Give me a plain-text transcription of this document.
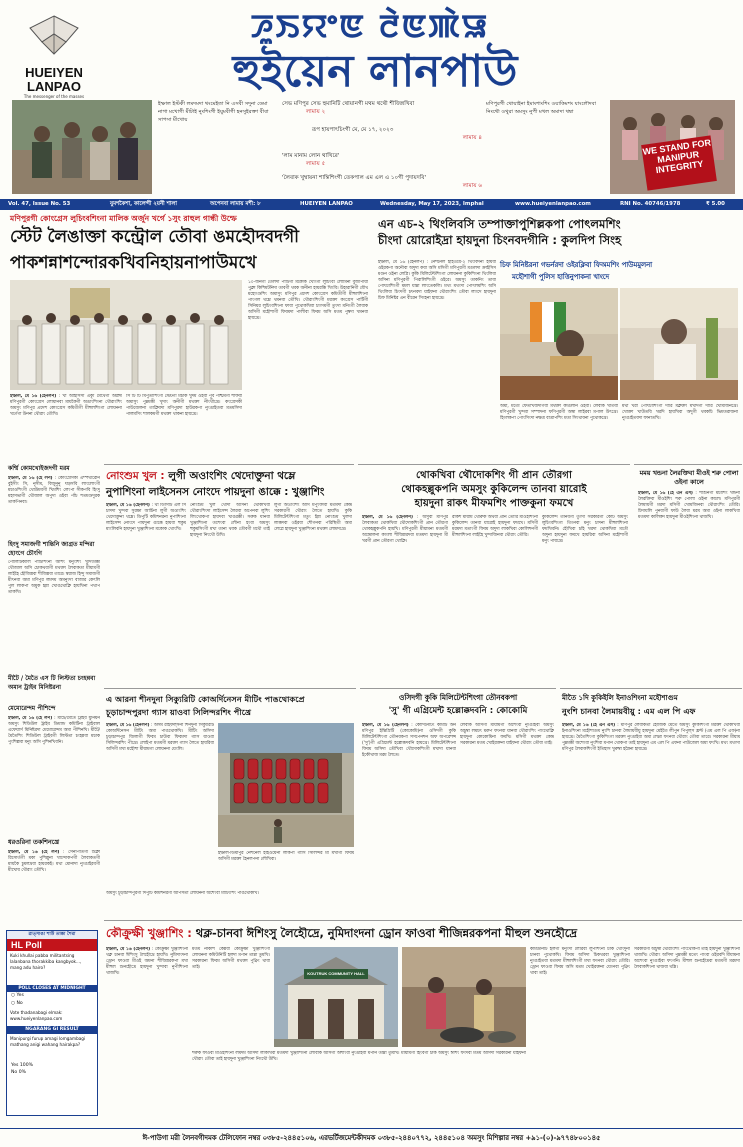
HUEIYEN
LANPAO
The messenger of the masses
ꯍꯨꯏꯌꯦꯟ ꯂꯥꯟꯄꯥꯎ
হুইয়েন লানপাউ
ইম্ফাল ইস্টকী লমদমদা থংমেইতা নি এসবী সদুনা ডেমা নাগা মখোগী মীটাই নুংশিংগী ইয়ুমবীগী হনসুইরক্তা বীবা সাপসা মীখোয়
সেভ মণিপুর সেভ হুমানিটি থোয়ানগী মথম থথৌ শীজিন্নখিবা
লামায় ২
রূপ হায়পাৎচিংগী মে, মে ১৭, ২০২৩
লামায় ৪
'লাম মানাম লোন থাখিরে'
লামায় ৫
'লৈবাক খুম্বায়না শান্তিশিংগী তেকপাল এম এল এ ১০গী পুদায়দবি'
লামায় ৬
মণিপুরগী থোয়াইনা ইমাংশাংশিং ওয়াকিমশং যাংলৌদবা নিংথৌ ওথুরা অমসুং নুপী মখল অমাদা থম্বা
WE STAND FOR MANIPUR INTEGRITY
Vol. 47, Issue No. 53	যুমশকৈশা, কালেন্দী ২য়নী শালা	অপেনবা লামায় মশী: ৮	HUEIYEN LANPAO	Wednesday, May 17, 2023, Imphal	www.hueiyenlanpao.com	RNI No. 40746/1978	₹ 5.00
মণিপুরগী কোংগ্রেস লুচিংবশিংনা মালিক অর্জুন খর্গে ১সুং রাহুল গান্ধী উম্ফে
স্টেট লৈঙাক্তা কন্ট্রোল তৌবা ঙমহৌদবদগী
পাকশন্নাশন্দোরকখিবনিহায়নাপাউমখে
১০-জনগী তেলদা পার্টিগী মকোক খোংগী লুচিংবী লোমিনা বুজীপীয়া পুক্লা কিশিমটনিদা তাবগী থবক অনীনা হায়রক্কি খিংবি। উহারানিগী যৌথ মহোংগুশিং অমাসুং মণিপুর প্রদেশ কোংগ্রেস কমিতীগী মীহুলশিংনা পাংগল থম্লে থমনবা তৌখি। থৌরাংশিংগী মরক্তা কংগ্রেস পার্টিগী সিনিয়র লুচিংবশিংনা ফাবা পুথোকখিবা চাংদমগী তুংদা মনিংগী লৈবাক অসিগী মহৌশাগী ফিবমদা পালীবা ফিবম অসি মতম পুম্বদা খমনবা হায়খ্রে।
ইম্ফাল, মে ১৬ (হৈনলপ) : খা আইসিসী এক্যূ মৈথৈগী অরঙ্গী মণিপুরগী কোংগ্রেস লোয়ানবা মায়কৈগী অঙাংশিংনা থৌরাংশিং অমসুং মণিপুর প্রদেশ কোংগ্রেস কমিতীগী মীহুলশিংগা লোয়ননা খর্গেগা উননা থৌরাং তৌখি।
সি টি টি মিপুতীশিংগী স্টেটগী মচাক খুদম ওইবা পূর্ব পশ্চিমগী শাফবা অমাসুং পুম্নমক্কী খূদাং অনীগী মথক্তা নীংথীখ্রে। কংগ্রেসকী পাউজেলনা তাক্লিবদা মণিপুরদা হাউরকপা নুংঙাইতবা মতমসিদা পালমসিং শালকমগী মথক্তা থাকনা হায়খ্রে।
এন এচ-২ থিংলিবসি তম্পাক্তাপুশিল্লকপা পোৎলমশিং
চীংদা য়োরোইদ্রা হায়দুনা চিংনবদগীনি : কুলদিপ সিংহ
ইম্ফাল, মে ১৬ (হৈনলপ) : নেশনেল হাইওয়ে-২ থিংবিদনা হায়বা ওইরকপা অনৌবা অদুদা কবা অসি মসিগী মণিপুরগী মগুলদা ক্রাইসিস মগুন ওইনা লেপ্লি। কুকি মিলিটেন্টশিংগা লোয়ননা কুকিশিংনা থিংলিবা অসিনা মণিপুরগী পিরালিশিংগী ওইরে। অমসুং তাকনিং তাবা পোৎচাশিংগী মমল য়াম্না লাংতেকলি। মথং মথংদা পোৎলমশিং অসি থিংলিবা চিংদগী চৎনবদা য়াইফনা থৌরাংশিং তৌবা লাংদে হায়দুনা চিফ মিনিষ্টর এন বীরেন সিংহনা হায়খ্রে।
চিফ মিনিষ্টরনা গভর্নরদা ওইরক্লিবা ফিঅমশিং পাউমমুলনা
মহৌশাগী পুলিস হাত্তিনুপাকনা খাংদে
অমা, মতৌ ফেতখিজদগিবা মথক্তা কাঙলান ওইবা। লৈবাক খাতবা মণিপুরগী খুন্দবা সম্পাদনা ফণিপুরগী অম্বা লাইরবা মপাল উৎখ্রে। হিংলকপা পোংসিংদা নক্ষত্র বাত্রাপশিং মতা সিংথাবনা পুথোকখ্রে।
মথা খরা পোৎচাশিংগী দারি মক্লক্তা মখাদগী দারি খোমজিনখ্রে। খোক্তা খাউতবি খরদি হায়খিবা অদুগী থবকচি ভিমতরাজনা নুংঙাইতবদা ফানাতখি।
কর্ম্মি কোমখোইজদগী মরম
ইম্ফাল, মে ১৬ (হৈ লপ) : কোংগ্রেসকী এম্পথীরোন বুইসীং সি, নূসীম, বিজুনুনু ঘড়সবি লাংলোংগী মচাওশিংগী থোউমবগী খিমশিং লেংপা সীকপবি হিংদু মহাসভাগী থৌজাল অপুদা ওইবা পাঁচ শতমগুদুরক তাকপিনবা।
হিংদু সমাজগী শান্তিনি জাগ্রত মন্দিরা হোংগে চৌংগি
পোলিটিক্যাল পার্টিশিংনা অশিং মনুংশিং খুদিংমক্কী থৌজাল অসি চোকথবাগী মথক্তা লৈবাকতা মীয়ামগী লাইহৈ হৌজিন্নবা শীজিন্নবা তারে। স্বরাজ হিন্দু সমাজগী মীৎনবা অমা মণিপুর লমদম অমনুংদা বাজার কেৎলি পুল লাকপা অমুক হন্না খোঙথোক্লি হায়খিনা পথাপ তাকখি।
মীটৈ / মৈতৈ এস টি লিস্টতা চংহন্নবা অমান ট্রাইব মিনিষ্টরনা
মেমোরেন্দম পীশিন্দে
ইম্ফাল, মে ১৬ (হৈ লপ) : মীটৈ/মৈতৈ ট্রাইব য়ুনিয়ন অমসুং শিডিউল ট্রাইব ডিমান্ড কমিটিনা ট্রাইবাল এফেয়ার্স মিনিষ্টরদা মেমোরেন্দম অমা পীশিনখি। মীটৈ/মৈতৈশিং শিডিউল ট্রাইবগী লিস্টতা চংহন্নবা মচাক পুংশিল্লবা মনুং অসি পুশিনখিবনি।
ধরওরিনা তকশিনখ্রে
ইম্ফাল, মে ১৬ (হৈ লপ) : সেনাপতিগী শুক্লা রিসোর্তগী মকা পুশিল্লুনা খান্দোকপগী লৈবাকতগী মায়কৈ চুমলদ্রবা হায়রকই। মথা মোনাদা নুংঙাইরবগী মীখোয় থৌরাং তৌখি।
ৱাত্সাঙা শাউ তাক্কা শৈরা
HL Poll
Kuki khullai pabba militantsing lalanbana thorakkiba kangbyok..., mang adu hairo?
POLL CLOSES AT MIDNIGHT
○ Yes
○ No
Vote thadanabagi elmak: www.hueiyenlanpao.com
NGARANG GI RESULT
Manipurgi furup amagi lomgambagi mathang anigi wahang hairakpa?
Yes 100%
No 0%
নোংশুম খুল : লুগী অওাংশিং থেদোক্তুনা থম্লে
নুপাশিংনা লাইসেনস নোংদে পায়দুনা ঙাক্কে : খুঞ্জাশিং
ইম্ফাল, মে ১৬ (হৈনলপ) : থা ডিসিটি এল সি চাদদা খুন্দবা সুরক্ষা আর্চিনা লুগী অওাংশিং থেদোক্তুনা থম্লে। ডিপুটি কমিশনরনা নুপাশিংনা লাইসেন্স নোংদে পায়দুনা ঙাক্কে হায়বা হুকুম মাংলিবনি হায়দুনা খুঞ্জাশিংনা মকোক থোংখি।
নোংশুম খুল থৌদা অসিনা থোকখিবা থৌরাংশিংদা লাইসেন্স লৈরবা অপেনবা লুশিং লিংথোকপা হায়দবা খাঙরক্কী। সরুক যানবা খুঞ্জাশিংনা তশেংবা লৌনা হংবা অমসুং হুকুমসিংগী মখা তানা থবক তৌবগী মথৌ তাই হায়দুনা নিংথৌ উখি।
লুগী অওাংশিং অসি মপুংফাবা মতমদা কেন্দ্র সরকারগী থৌরাং লৈতে হায়খি। কুকি মিলিটেন্টশিংগা মতুং ইন্না নোংশুম খুলদা লাক্কদবা ওইরবা শৌগনবা পরিস্থিতী অমা লেপ্লে হায়দুনা খুঞ্জাশিংনা মথক্তা লোমদখ্রে।
থোকখিবা থৌদোকশিং গী প্রান তৌরগা
থোকহল্লুকপনি অমসুং কুকিলেন্দ তানবা য়ারোই
হায়দুনা রাকৎ মীফমশিং পাক্তকুনা ফমখে
ইম্ফাল, মে ১৬ (হৈনলপ) : অসুর্বা মণিপুর লৈবাকতা থোকখিবা থৌদোকশিংগী প্রান তৌরগা থোকহল্লুকপনি হায়খি। মণিপুরগী মীয়ামনা মতমগী অন্দ্রোলনা কাংলা শীজিন্নরদবা মতমদা হায়দুনা মী খরগী প্রান তৌরগা থোক্লি।
রাকশ মীয়াম থৌরুক অথবা প্রান তৌরি মীওইশিংনা কুকিলেন্দ তানবা য়ারোই হায়দুনা ফমখে। মসিগী মরমদা মতাংগী ফিবম অদুদা লাকখিবা কোলিশনগী মীহুলশিংনা লাইহৈ খুন্দাজিনবা থৌরাং তৌরি।
কুকিলেন্দ তানবগী তুংদা সরকারগী কোর্ট অমসুং লুচিংবশিংগা তিংনবা মনুং চাদনা মীহুলশিংনা ফমখিবনি। হৌখিবা চহি খরদা থোকখিবা মতৌ অদুনা হায়দুনা ফমখে হায়রিবা অসিনা মহৌশাগী মনুং পায়খ্রে।
মময় খন্ডনা লৈরক্তিবা মীওই শরু পোলা ওইনা কালে
ইম্ফাল, মে ১৬ (হৈ এন এস) : শাশুনগী মচাশিং খন্ডনা লৈরক্তিবা মীওইশিং শরু পোলা ওইনা কালে। মণিপুরগী লৈমায়গী মরদা মসিগী খোমজিনবা থৌরাংশিং তৌরি। চিদায়লি পুনবাগী ফাউ লৈবা মরম অমা ওইনা লাকখিবা মতমদা কালিকদ হায়দুনা মীওইশিংনা থাজখি।
এ আরনা শীনদুনা সিক্যুরিটি কোঅর্দিনেসন মীটিং পাঙথোকপ্রে
চূড়াচান্দপুরদা গ্যাস য়াওবা সিলিন্দরশিং পীখ্রে
ইম্ফাল, মে ১৬ (হৈনলপ) : অসম রাইফল্সনা শিনদুনা সিক্যুরিটি কোঅর্দিনেসন মীটিং অমা পাঙথোকখি। মীটিং অসিদা চূড়াচান্দপুর জিলাগী ফিবম চাউবা ফিবমদা গ্যাস য়াওবা সিলিন্দরশিং পীখ্রে। লোইপা মতমগী মরক্তা গ্যাস লৈতে হায়রিবা অসিগী মখা মহৌশা মীয়ামগা লোয়ননা য়েংলি।
ইম্ফাল-ডিমাপুর নেশনেল হাইওয়েনা লাকপা গ্যাস সিলিন্দর মী মখাগী ফিবম অসিগী মরক্তা হৈনলপনা লৌখিবা।
অমসুং চূড়াচান্দপুরগী দিপুটি কমিশনরগী অপিসতা লোয়ননা অশেংবা মীটিংশিং পাঙথোকখি।
ওসিদগী কুকি মিলিটেন্টশিংগা তৌনবকপা
'সু' গী এগ্রিমেন্ট হল্লোক্কদবনি : কোকোমি
ইম্ফাল, মে ১৬ (হৈনলপ) : কোর্দিনেটিং কমিটি অন মণিপুর ইন্তিগ্রিটি (কোকোমি)না ওসিদগী কুকি মিলিটেন্টশিংগা তৌনবকপা সসপেনশন অফ অপরেশন্স ('সু')গী এগ্রিমেন্ট হল্লোক্কদবনি হায়খ্রে। মিলিটেন্টশিংনা ফিবম অসিদা তৌখিবা থৌদোকশিংগী মখাদা য়ানবা ইকৌথাজ মরম লৈতে।
লৈবাক অসিগী মীয়ামগী অশেংবা নুংঙাইবা অমসুং অচুম্বা লমচৎ মরুপ ফংনবা য়ানবা থৌরাংশিং পাংথোক্লি হায়দুনা কোকোমিনা ফমখি। মসিগী মথক্তা কেন্দ্র সরকারনা মতম খোইরক্তনা য়াইফনা থৌরাং তৌবা তাই।
মীতৈ ১দি কুকিইলি ইনাওশিংনা মহৌশাগুম
নুংশি চানবা লৈমায়বীয়ু : এম এল পি এফ
ইম্ফাল, মে ১৬ (হৈ এন এস) : মণিপুর লৈবাকতা হৌজিক মৈতৈ অমসুং কুকিশিংগী মরক্তা থোকখিবা ইনাওশিংনা মহৌশাগুম নুংশি চানবা লৈমায়বীয়ু হায়দুনা মেইতৈ লীপুন পিপুল্স ফ্রন্ট (এম এল পি এফ)না হায়খ্রে। মৈতৈশিংগা কুকিশিংগা মরক্তা নুংঙাইবা অমা লেপ্পা ফংনবা থৌরাং তৌবা তারে। সরকারনা মীয়াম পুম্নমক্কী অশেংবা নুংশিবা মপান থোকপা তাই হায়দুনা এম এল পি এফনা পাউজেল অমা ফংখি। মথং মথংদা মণিপুর লৈবাকশিংগী ইতিহাস খুরুম্বা হন্নৈনা হায়খ্রে।
কৌক্রুক্ষী খুঞ্জাশিং : থক্ল-চানবা ঈশিংসু লৈহৌদ্রে, নুমিদাংদনা ড্রোন ফাওবা শীজিন্নরকপনা মীহুল শুনহৌদ্রে
ইম্ফাল, মে ১৬ (হৈনলপ) : কৌক্রুক্ষী খুঞ্জাশিংনা থক্ল চানবা ঈশিংসু লৈহৌদ্রে হায়খি। নুমিদাংদনা ড্রোন ফাওবা মীওই অমনা শীজিন্নরকপা মখা মীহুল শুনহৌদ্রে হায়দুনা খুন্দাবা নুপীশিংনা থাজখি।
মতম নাকশি কেন্নবা কোক্রুক্ষী খুঞ্জাশিংগা লোয়ননা কমিউনিটি হলদা মপান তাম্না তুমখি। সরকারনা ফিবম অসিগী মথক্তা পুক্নিং থাবা তাই।
KOUTRUK COMMUNITY HALL
কমিউনিটি হলগী মনুংদা লৈরিবা লুপশিংনা চাক থোংদুনা চানবা পুথোকখি। ফিবম অসিদা চিকথরবা খুঞ্জাশিংনা নুংঙাইতবা মতমদা মীহুলশিংগী মখা ফংনবা থৌরাং তৌরি। ড্রোন ফাওবা ফিবম অসি মতম খোইরক্তনা য়েংনবা পুক্নিং থাবা তাই।
সরকারগী অচুম্বা থৌরাংশিং পাংথোকপা তাই হায়দুনা খুঞ্জাশিংনা থাজখি। থৌরাং অসিদা পুম্নমক্কী মতেং পাংবা ওইরবদি মীয়ামনা অশেংবা নুংঙাইবা ফংগনি। মীহুল শুনহৌদ্রবা মতমগী মরমদা লৈবাকশিংনা থাজবা থম্লি।
শরুক ফাওবা মীওইশিংনা লমদম অসিদা লাকখিবা মতমদা খুঞ্জাশিংনা লৌবাক অসিগী অশাংবা নুংঙাইবা মপান তাম্না তুমখি। মীয়ামগী হিংবগী চাক অমসুং ঈশিং ফংদবা মতম অসিদা সরকারনা য়াইফনা থৌরাং তৌবা তাই হায়দুনা খুঞ্জাশিংনা নিংথৌ উখি।
ঈ-পাউগা মরী লৈনবগীদমক টেলিফোন নম্বর ০৩৮৫-২৪৪৫১০৬, এরভর্টিজমেন্টকীদমক ০৩৮৫-২৪৪০৭৭২, ২৪৪৫১০৪ অমসুং মিশিল্পার নম্বর +৯১-(০)-৯৭৭৪৮০০১৪৫
